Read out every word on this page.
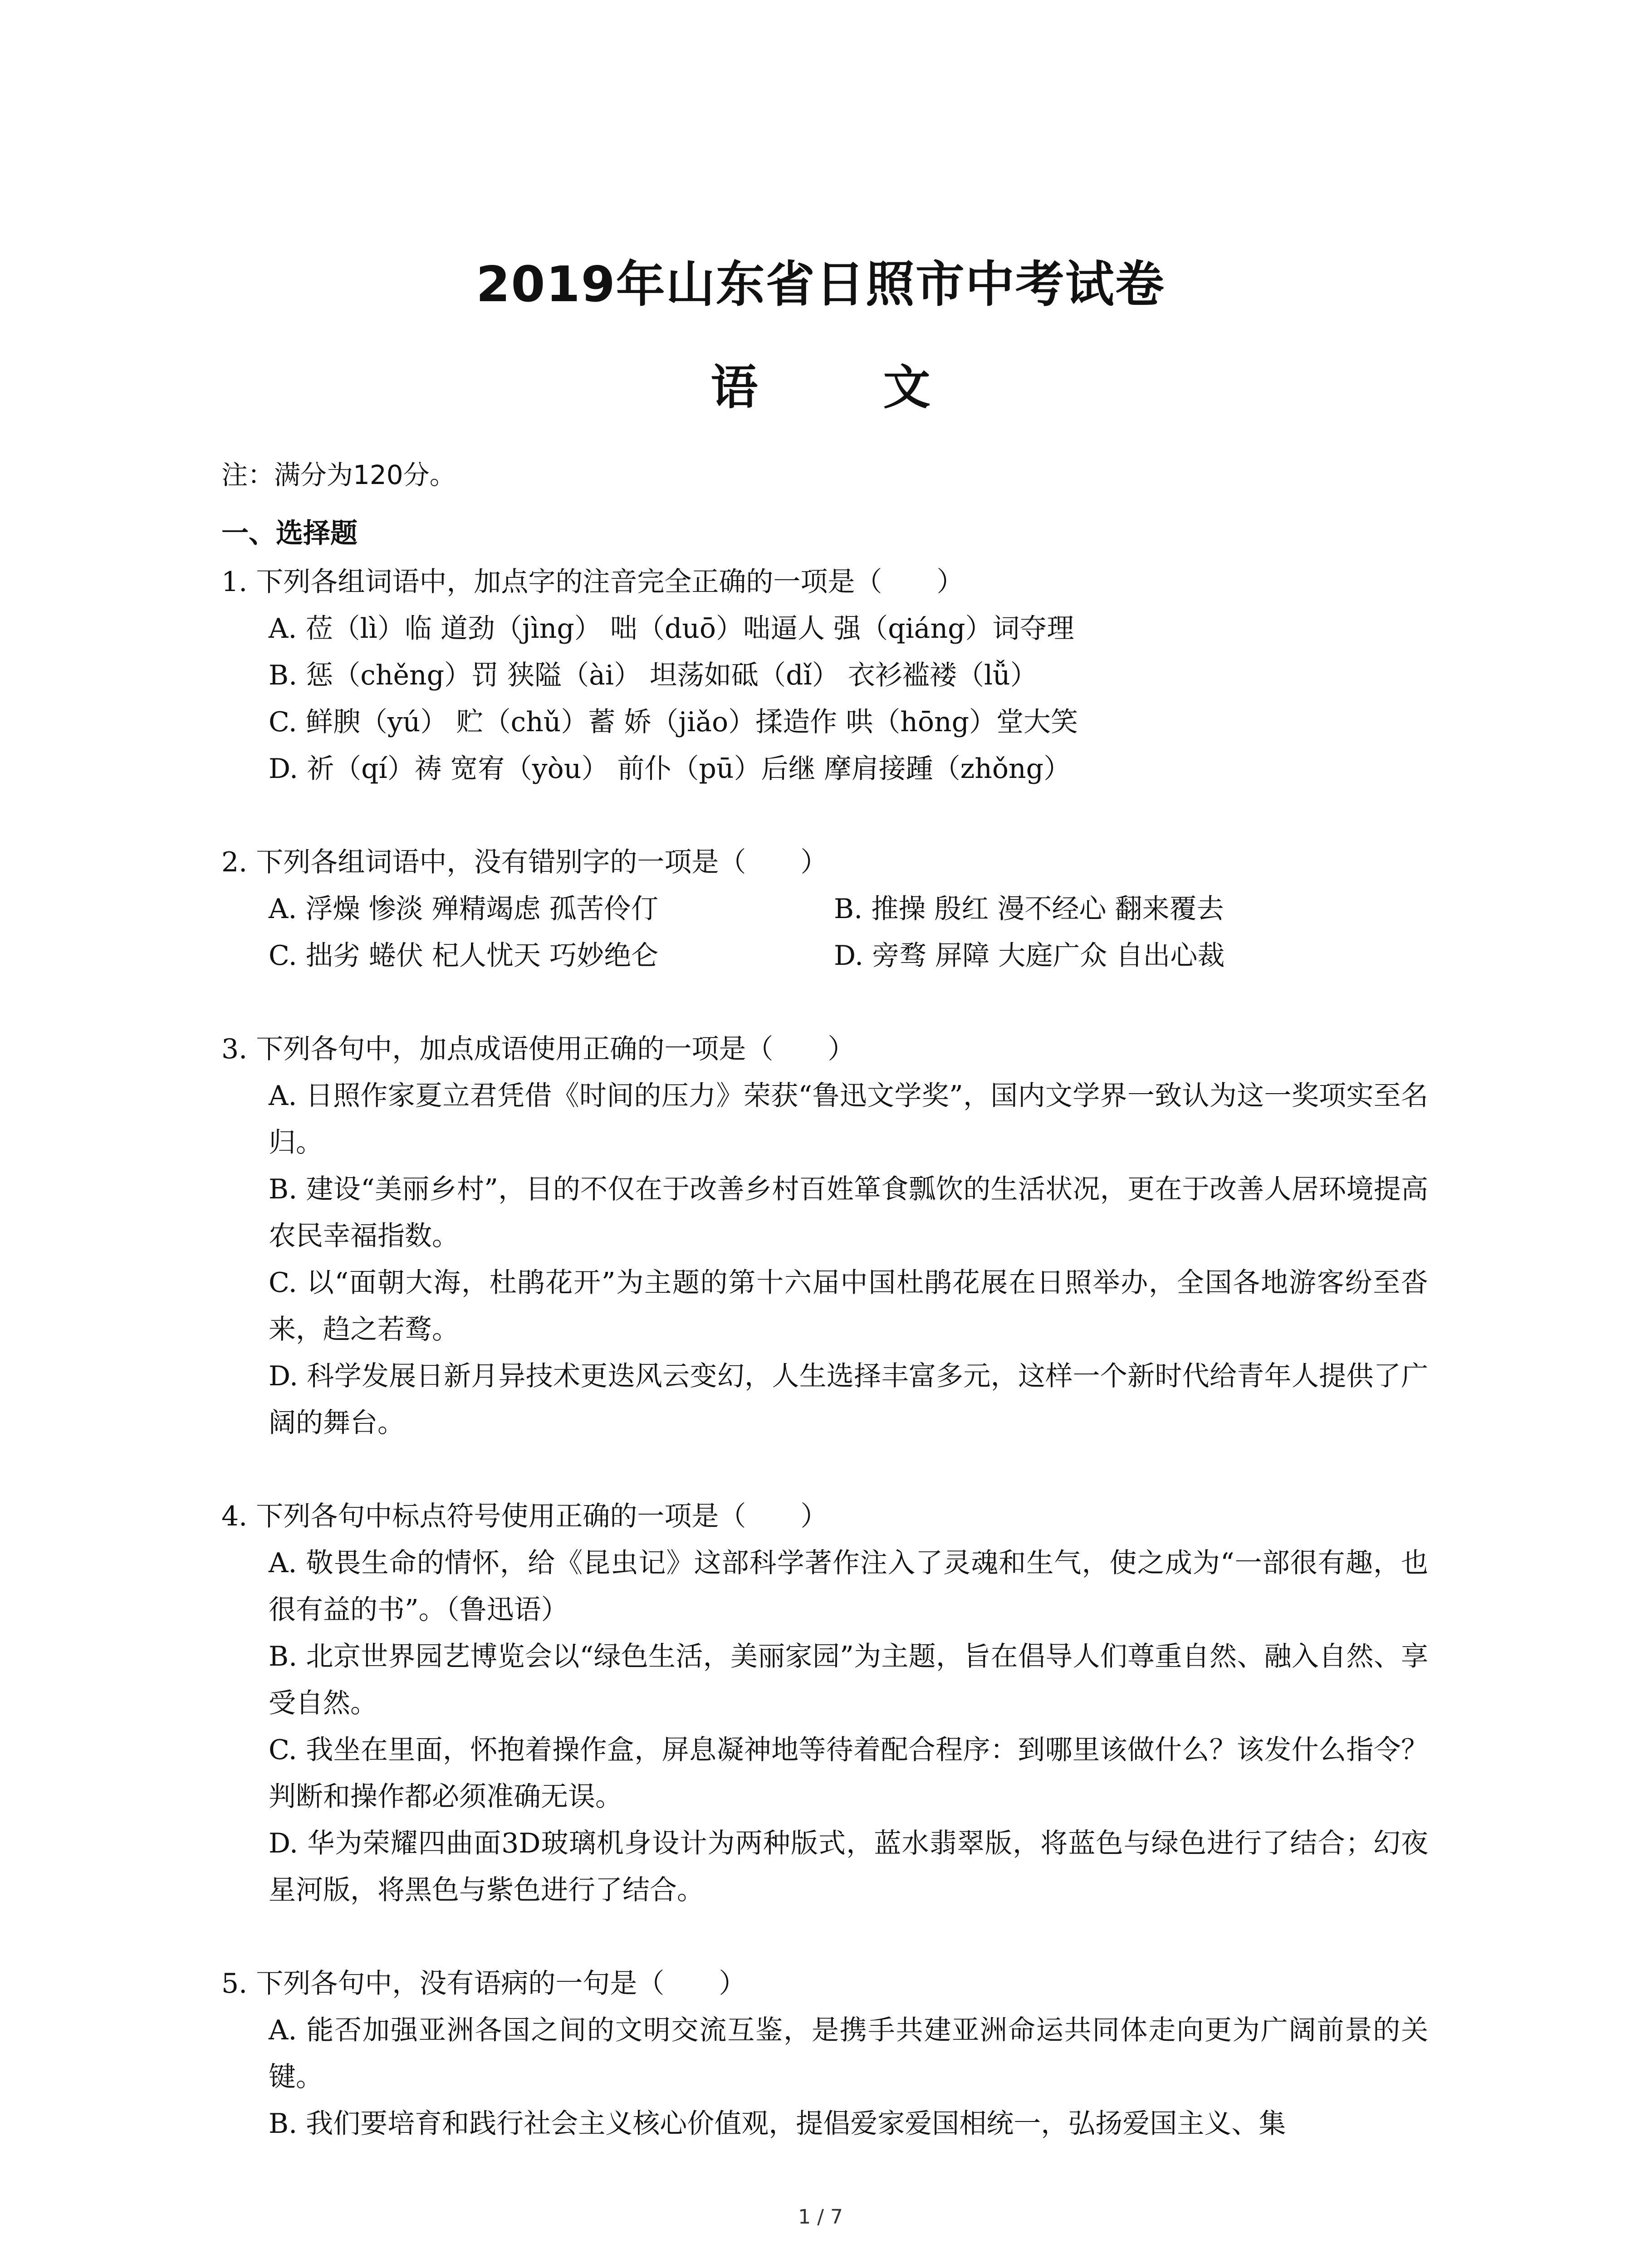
2019年山东省日照市中考试卷
语 文
注：满分为120分。
一、选择题
1. 下列各组词语中，加点字的注音完全正确的一项是（　　）
A. 莅（lì）临 道劲（jìng） 咄（duō）咄逼人 强（qiáng）词夺理
B. 惩（chěng）罚 狭隘（ài） 坦荡如砥（dǐ） 衣衫褴褛（lǚ）
C. 鲜腴（yú） 贮（chǔ）蓄 娇（jiǎo）揉造作 哄（hōng）堂大笑
D. 祈（qí）祷 宽宥（yòu） 前仆（pū）后继 摩肩接踵（zhǒng）
2. 下列各组词语中，没有错别字的一项是（　　）
A. 浮燥 惨淡 殚精竭虑 孤苦伶仃	B. 推操 殷红 漫不经心 翻来覆去
C. 拙劣 蜷伏 杞人忧天 巧妙绝仑	D. 旁骛 屏障 大庭广众 自出心裁
3. 下列各句中，加点成语使用正确的一项是（　　）
A. 日照作家夏立君凭借《时间的压力》荣获“鲁迅文学奖”，国内文学界一致认为这一奖项实至名归。
B. 建设“美丽乡村”，目的不仅在于改善乡村百姓箪食瓢饮的生活状况，更在于改善人居环境提高农民幸福指数。
C. 以“面朝大海，杜鹃花开”为主题的第十六届中国杜鹃花展在日照举办，全国各地游客纷至沓来，趋之若鹜。
D. 科学发展日新月异技术更迭风云变幻，人生选择丰富多元，这样一个新时代给青年人提供了广阔的舞台。
4. 下列各句中标点符号使用正确的一项是（　　）
A. 敬畏生命的情怀，给《昆虫记》这部科学著作注入了灵魂和生气，使之成为“一部很有趣，也很有益的书”。（鲁迅语）
B. 北京世界园艺博览会以“绿色生活，美丽家园”为主题，旨在倡导人们尊重自然、融入自然、享受自然。
C. 我坐在里面，怀抱着操作盒，屏息凝神地等待着配合程序：到哪里该做什么？该发什么指令？判断和操作都必须准确无误。
D. 华为荣耀四曲面3D玻璃机身设计为两种版式，蓝水翡翠版，将蓝色与绿色进行了结合；幻夜星河版，将黑色与紫色进行了结合。
5. 下列各句中，没有语病的一句是（　　）
A. 能否加强亚洲各国之间的文明交流互鉴，是携手共建亚洲命运共同体走向更为广阔前景的关键。
B. 我们要培育和践行社会主义核心价值观，提倡爱家爱国相统一，弘扬爱国主义、集
1 / 7
